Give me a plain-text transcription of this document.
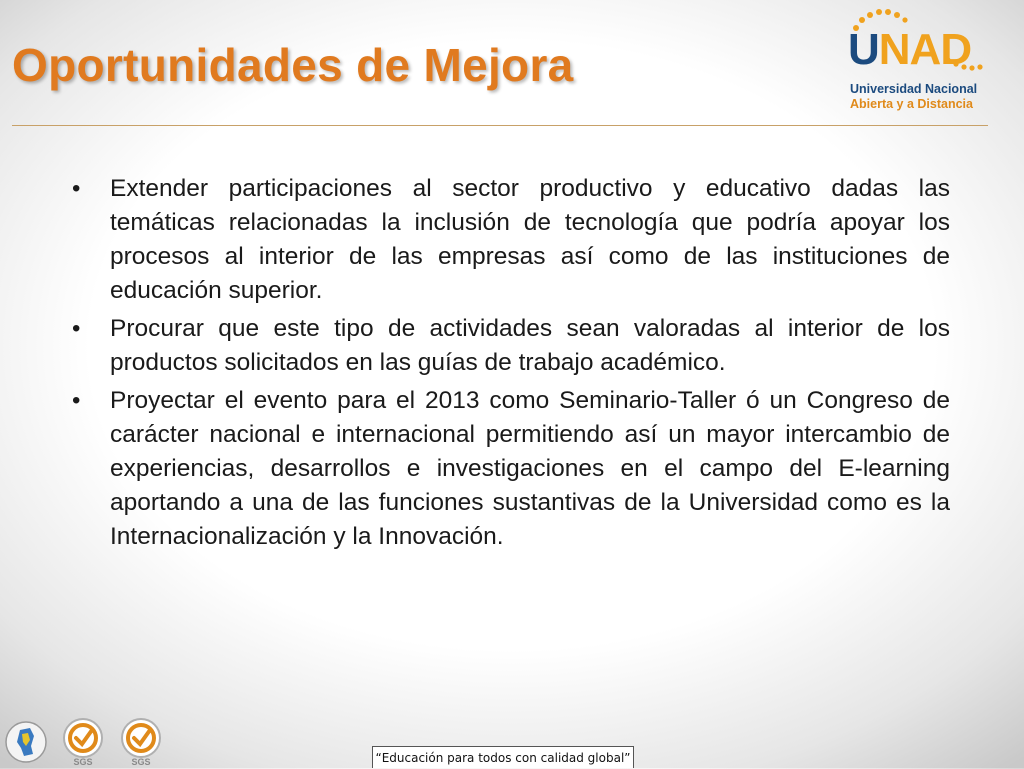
Oportunidades de Mejora	UNAD
Universidad Nacional
Abierta y a Distancia
• Extender participaciones al sector productivo y educativo dadas las temáticas relacionadas la inclusión de tecnología que podría apoyar los procesos al interior de las empresas así como de las instituciones de educación superior.
• Procurar que este tipo de actividades sean valoradas al interior de los productos solicitados en las guías de trabajo académico.
• Proyectar el evento para el 2013 como Seminario-Taller ó un Congreso de carácter nacional e internacional permitiendo así un mayor intercambio de experiencias, desarrollos e investigaciones en el campo del E-learning aportando a una de las funciones sustantivas de la Universidad como es la Internacionalización y la Innovación.
SGS	SGS	“Educación para todos con calidad global”
